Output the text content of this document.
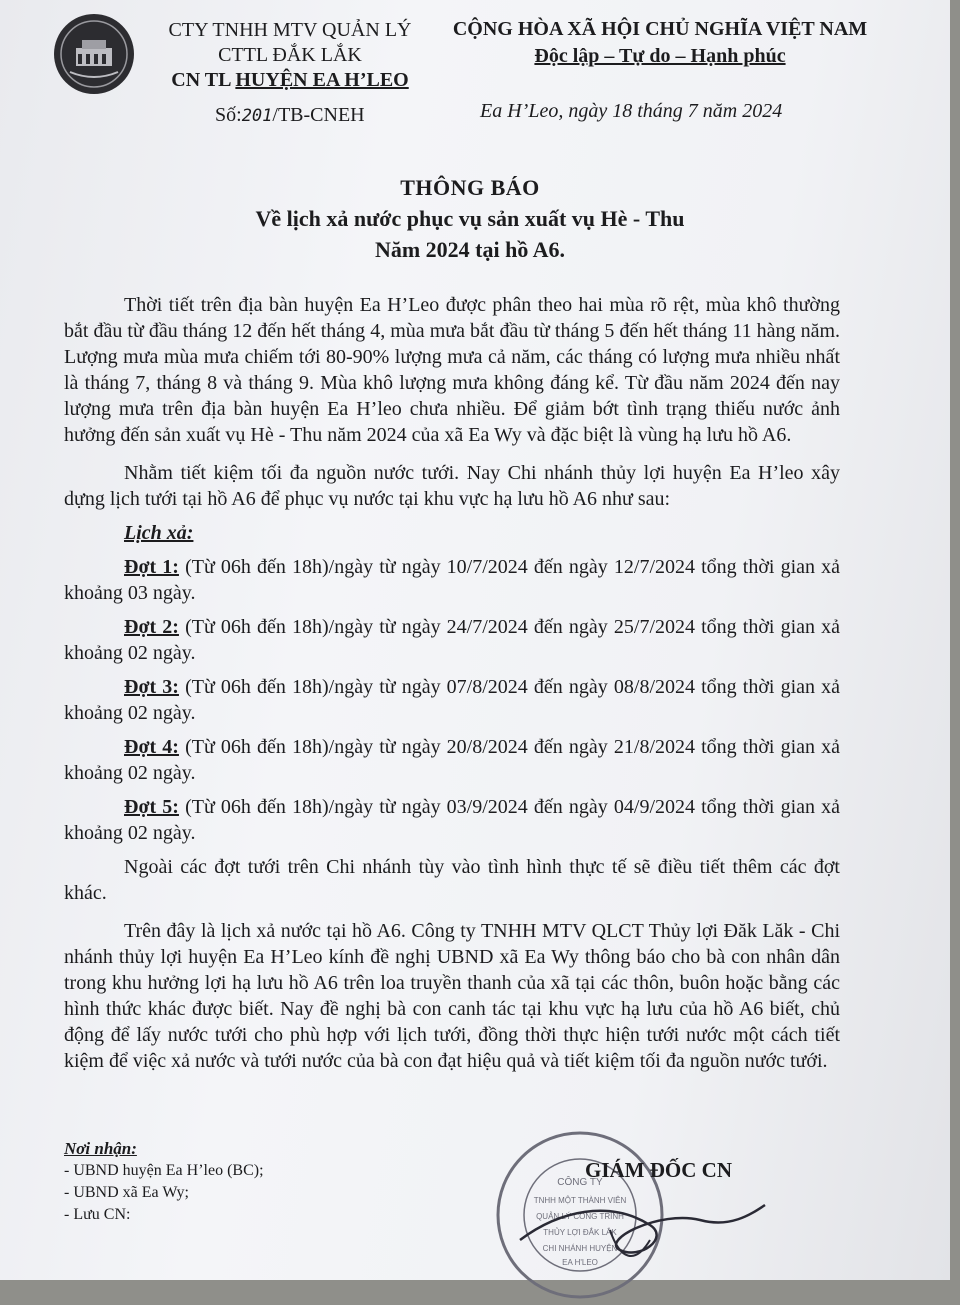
CTY TNHH MTV QUẢN LÝ
CTTL ĐẮK LẮK
CN TL HUYỆN EA H’LEO
Số:201/TB-CNEH
CỘNG HÒA XÃ HỘI CHỦ NGHĨA VIỆT NAM
Độc lập – Tự do – Hạnh phúc
Ea H’Leo, ngày 18 tháng 7 năm 2024
THÔNG BÁO
Về lịch xả nước phục vụ sản xuất vụ Hè - Thu
Năm 2024 tại hồ A6.

Thời tiết trên địa bàn huyện Ea H’Leo được phân theo hai mùa rõ rệt, mùa khô thường bắt đầu từ đầu tháng 12 đến hết tháng 4, mùa mưa bắt đầu từ tháng 5 đến hết tháng 11 hàng năm. Lượng mưa mùa mưa chiếm tới 80-90% lượng mưa cả năm, các tháng có lượng mưa nhiều nhất là tháng 7, tháng 8 và tháng 9. Mùa khô lượng mưa không đáng kể. Từ đầu năm 2024 đến nay lượng mưa trên địa bàn huyện Ea H’leo chưa nhiều. Để giảm bớt tình trạng thiếu nước ảnh hưởng đến sản xuất vụ Hè - Thu năm 2024 của xã Ea Wy và đặc biệt là vùng hạ lưu hồ A6.

Nhằm tiết kiệm tối đa nguồn nước tưới. Nay Chi nhánh thủy lợi huyện Ea H’leo xây dựng lịch tưới tại hồ A6 để phục vụ nước tại khu vực hạ lưu hồ A6 như sau:

Lịch xả:
Đợt 1: (Từ 06h đến 18h)/ngày từ ngày 10/7/2024 đến ngày 12/7/2024 tổng thời gian xả khoảng 03 ngày.
Đợt 2: (Từ 06h đến 18h)/ngày từ ngày 24/7/2024 đến ngày 25/7/2024 tổng thời gian xả khoảng 02 ngày.
Đợt 3: (Từ 06h đến 18h)/ngày từ ngày 07/8/2024 đến ngày 08/8/2024 tổng thời gian xả khoảng 02 ngày.
Đợt 4: (Từ 06h đến 18h)/ngày từ ngày 20/8/2024 đến ngày 21/8/2024 tổng thời gian xả khoảng 02 ngày.
Đợt 5: (Từ 06h đến 18h)/ngày từ ngày 03/9/2024 đến ngày 04/9/2024 tổng thời gian xả khoảng 02 ngày.

Ngoài các đợt tưới trên Chi nhánh tùy vào tình hình thực tế sẽ điều tiết thêm các đợt khác.

Trên đây là lịch xả nước tại hồ A6. Công ty TNHH MTV QLCT Thủy lợi Đăk Lăk - Chi nhánh thủy lợi huyện Ea H’Leo kính đề nghị UBND xã Ea Wy thông báo cho bà con nhân dân trong khu hưởng lợi hạ lưu hồ A6 trên loa truyền thanh của xã tại các thôn, buôn hoặc bằng các hình thức khác được biết. Nay đề nghị bà con canh tác tại khu vực hạ lưu của hồ A6 biết, chủ động để lấy nước tưới cho phù hợp với lịch tưới, đồng thời thực hiện tưới nước một cách tiết kiệm để việc xả nước và tưới nước của bà con đạt hiệu quả và tiết kiệm tối đa nguồn nước tưới.

Nơi nhận:
- UBND huyện Ea H’leo (BC);
- UBND xã Ea Wy;
- Lưu CN:
CÔNG TY
TNHH MỘT THÀNH VIÊN
QUẢN LÝ CÔNG TRÌNH
THỦY LỢI ĐẮK LẮK
CHI NHÁNH HUYỆN
EA H'LEO
GIÁM ĐỐC CN
